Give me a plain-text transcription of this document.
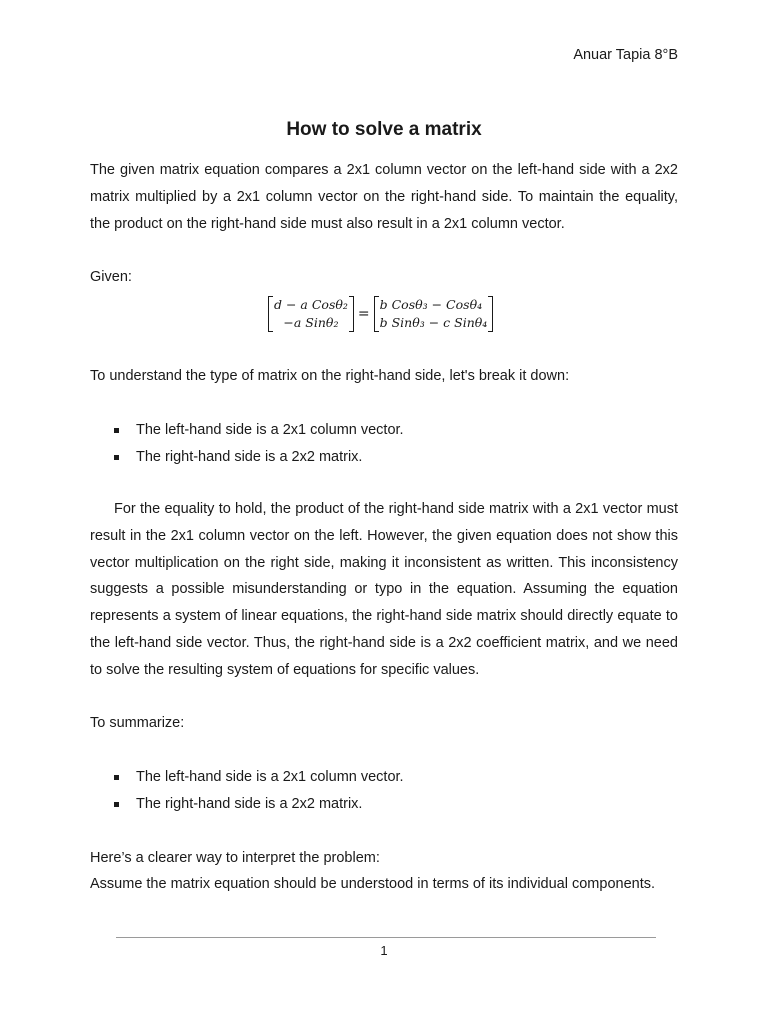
Anuar Tapia 8°B
How to solve a matrix

The given matrix equation compares a 2x1 column vector on the left-hand side with a 2x2 matrix multiplied by a 2x1 column vector on the right-hand side. To maintain the equality, the product on the right-hand side must also result in a 2x1 column vector.

Given:
d − a Cosθ₂
−a Sinθ₂
=
b Cosθ₃ − Cosθ₄
b Sinθ₃ − c Sinθ₄
To understand the type of matrix on the right-hand side, let's break it down:
The left-hand side is a 2x1 column vector.
The right-hand side is a 2x2 matrix.

For the equality to hold, the product of the right-hand side matrix with a 2x1 vector must result in the 2x1 column vector on the left. However, the given equation does not show this vector multiplication on the right side, making it inconsistent as written. This inconsistency suggests a possible misunderstanding or typo in the equation. Assuming the equation represents a system of linear equations, the right-hand side matrix should directly equate to the left-hand side vector. Thus, the right-hand side is a 2x2 coefficient matrix, and we need to solve the resulting system of equations for specific values.

To summarize:
The left-hand side is a 2x1 column vector.
The right-hand side is a 2x2 matrix.
Here’s a clearer way to interpret the problem:
Assume the matrix equation should be understood in terms of its individual components.
1
